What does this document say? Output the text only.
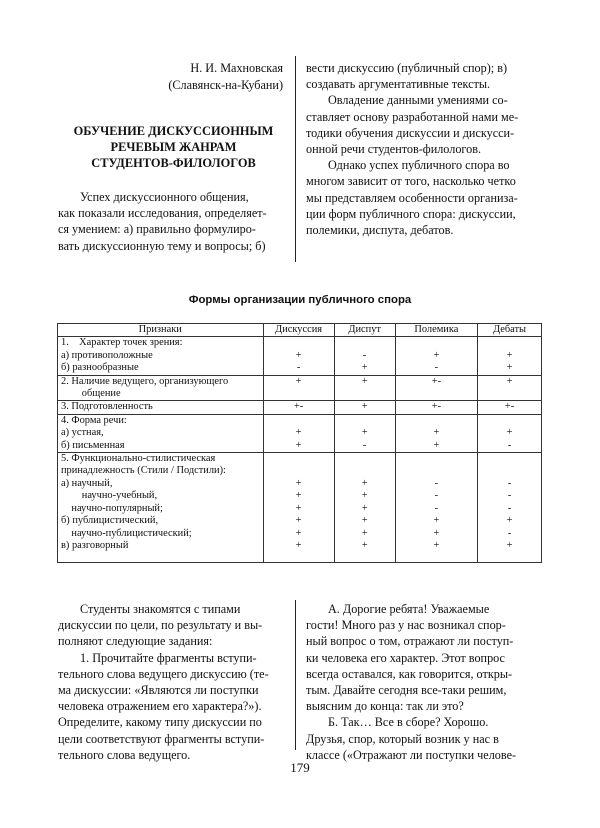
Н. И. Махновская
(Славянск-на-Кубани)
ОБУЧЕНИЕ ДИСКУССИОННЫМ
РЕЧЕВЫМ ЖАНРАМ
СТУДЕНТОВ-ФИЛОЛОГОВ

Успех дискуссионного общения,

как показали исследования, определяет-

ся умением: а) правильно формулиро-

вать дискуссионную тему и вопросы; б)

вести дискуссию (публичный спор); в)

создавать аргументативные тексты.

Овладение данными умениями со-

ставляет основу разработанной нами ме-

тодики обучения дискуссии и дискусси-

онной речи студентов-филологов.

Однако успех публичного спора во

многом зависит от того, насколько четко

мы представляем особенности организа-

ции форм публичного спора: дискуссии,

полемики, диспута, дебатов.

Формы организации публичного спора
Признаки	Дискуссия	Диспут	Полемика	Дебаты
1.    Характер точек зрения:				
а) противоположные	+	-	+	+
б) разнообразные	-	+	-	+
2. Наличие ведущего, организующего	+	+	+-	+
общение				
3. Подготовленность	+-	+	+-	+-
4. Форма речи:				
а) устная,	+	+	+	+
б) письменная	+	-	+	-
5. Функционально-стилистическая				
принадлежность (Стили / Подстили):				
а) научный,	+	+	-	-
научно-учебный,	+	+	-	-
научно-популярный;	+	+	-	-
б) публицистический,	+	+	+	+
научно-публицистический;	+	+	+	-
в) разговорный	+	+	+	+

Студенты знакомятся с типами

дискуссии по цели, по результату и вы-

полняют следующие задания:

1. Прочитайте фрагменты вступи-

тельного слова ведущего дискуссию (те-

ма дискуссии: «Являются ли поступки

человека отражением его характера?»).

Определите, какому типу дискуссии по

цели соответствуют фрагменты вступи-

тельного слова ведущего.

А. Дорогие ребята! Уважаемые

гости! Много раз у нас возникал спор-

ный вопрос о том, отражают ли поступ-

ки человека его характер. Этот вопрос

всегда оставался, как говорится, откры-

тым. Давайте сегодня все-таки решим,

выясним до конца: так ли это?

Б. Так… Все в сборе? Хорошо.

Друзья, спор, который возник у нас в

классе («Отражают ли поступки челове-

179
